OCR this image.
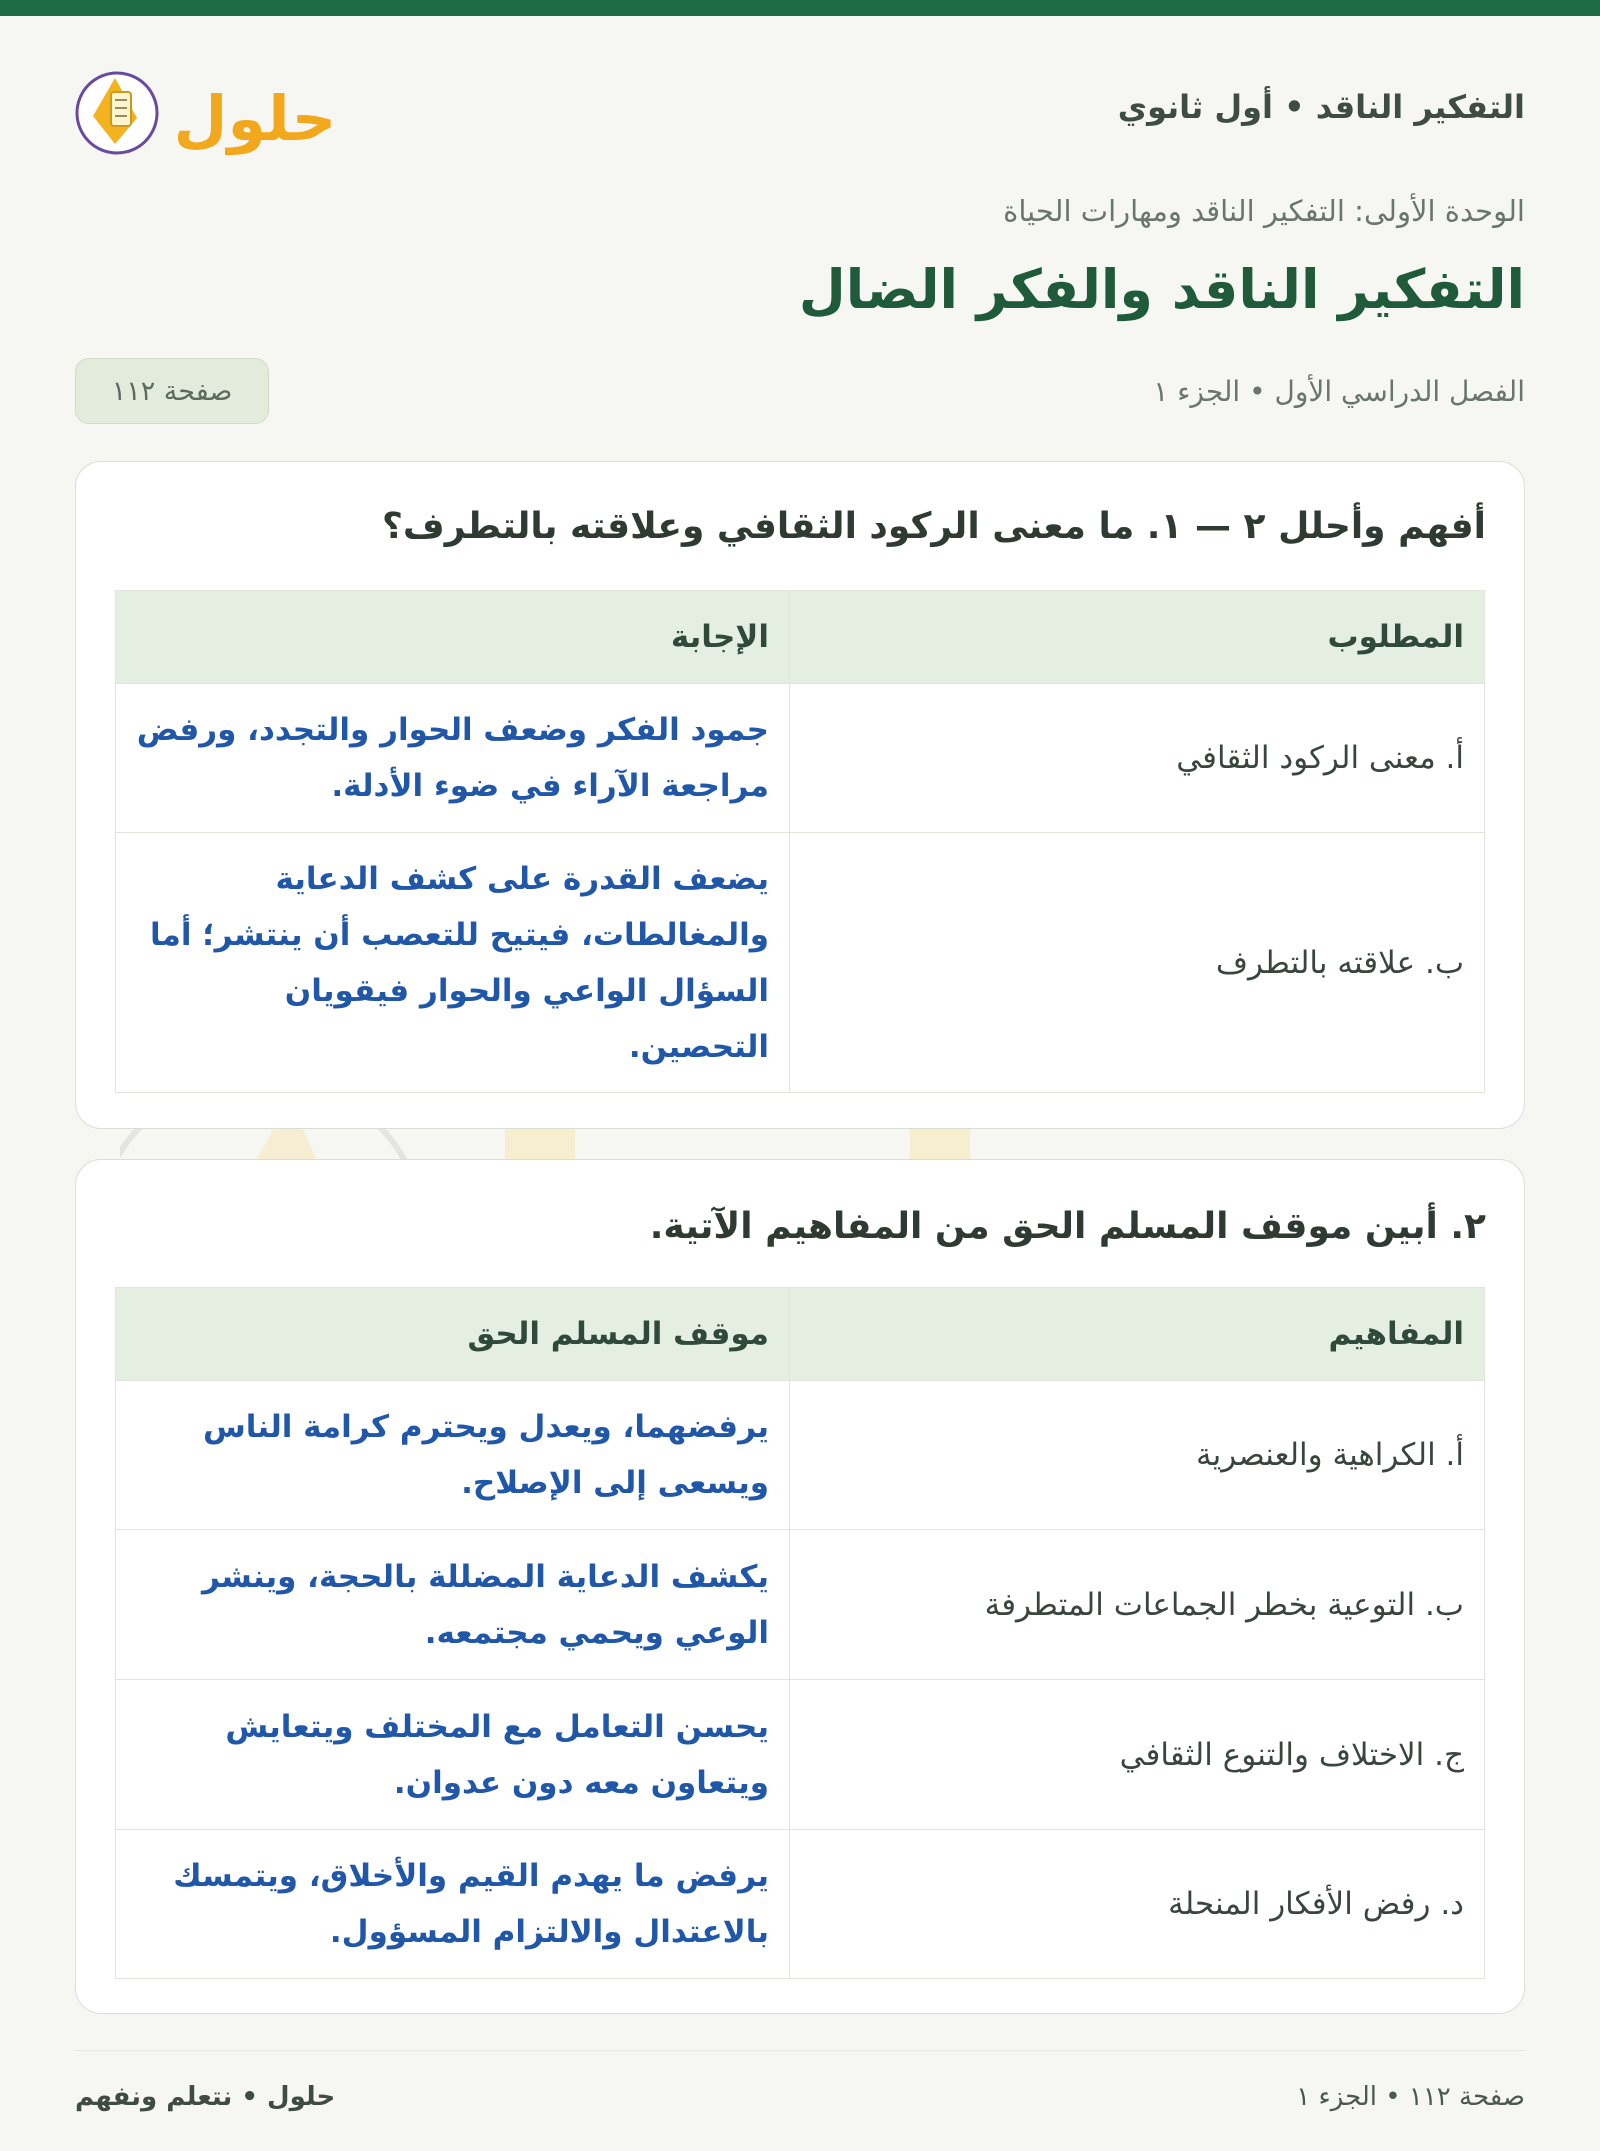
التفكير الناقد • أول ثانوي
حلول
الوحدة الأولى: التفكير الناقد ومهارات الحياة
التفكير الناقد والفكر الضال
الفصل الدراسي الأول • الجزء ١
صفحة ١١٢
أفهم وأحلل ٢ — ١. ما معنى الركود الثقافي وعلاقته بالتطرف؟
المطلوب	الإجابة
أ. معنى الركود الثقافي	جمود الفكر وضعف الحوار والتجدد، ورفض مراجعة الآراء في ضوء الأدلة.
ب. علاقته بالتطرف	يضعف القدرة على كشف الدعاية والمغالطات، فيتيح للتعصب أن ينتشر؛ أما السؤال الواعي والحوار فيقويان التحصين.
٢. أبين موقف المسلم الحق من المفاهيم الآتية.
المفاهيم	موقف المسلم الحق
أ. الكراهية والعنصرية	يرفضهما، ويعدل ويحترم كرامة الناس ويسعى إلى الإصلاح.
ب. التوعية بخطر الجماعات المتطرفة	يكشف الدعاية المضللة بالحجة، وينشر الوعي ويحمي مجتمعه.
ج. الاختلاف والتنوع الثقافي	يحسن التعامل مع المختلف ويتعايش ويتعاون معه دون عدوان.
د. رفض الأفكار المنحلة	يرفض ما يهدم القيم والأخلاق، ويتمسك بالاعتدال والالتزام المسؤول.
صفحة ١١٢ • الجزء ١
حلول • نتعلم ونفهم
